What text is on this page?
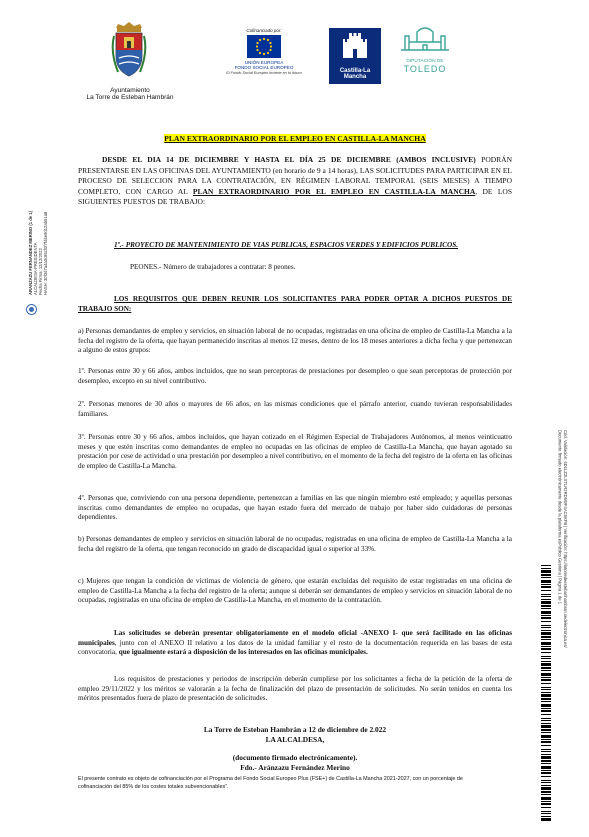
Ayuntamiento
La Torre de Esteban Hambrán
Cofinanciado por:
UNIÓN EUROPEA
FONDO SOCIAL EUROPEO
El Fondo Social Europeo invierte en tu futuro	Castilla-La Mancha
DIPUTACIÓN DE
TOLEDO
ARANZAZU FERNANDEZ MERINO (1 de 1) ALCALDESA-PRESIDENTA Fecha Firma: 12/12/2022 HASH: 30f3d7a4a3c86cf0f7fd4e9d12ab51a8
Cód. Validación: 6D1LZ2LXTLR2RD5WF4AC5KFB | Verificación: https://latorredeestebanhambran.sedelectronica.es/
Documento firmado electrónicamente desde la plataforma esPublico Gestiona | Página 1 de 1
PLAN EXTRAORDINARIO POR EL EMPLEO EN CASTILLA-LA MANCHA

DESDE EL DIA 14 DE DICIEMBRE Y HASTA EL DÍA 25 DE DICIEMBRE (AMBOS INCLUSIVE) PODRÁN PRESENTARSE EN LAS OFICINAS DEL AYUNTAMIENTO (en horario de 9 a 14 horas), LAS SOLICITUDES PARA PARTICIPAR EN EL PROCESO DE SELECCION PARA LA CONTRATACIÓN, EN RÉGIMEN LABORAL TEMPORAL (SEIS MESES) A TIEMPO COMPLETO, CON CARGO AL PLAN EXTRAORDINARIO POR EL EMPLEO EN CASTILLA-LA MANCHA, DE LOS SIGUIENTES PUESTOS DE TRABAJO:

1º.- PROYECTO DE MANTENIMIENTO DE VIAS PUBLICAS, ESPACIOS VERDES Y EDIFICIOS PUBLICOS.

PEONES.- Número de trabajadores a contratar: 8 peones.

LOS REQUISITOS QUE DEBEN REUNIR LOS SOLICITANTES PARA PODER OPTAR A DICHOS PUESTOS DE TRABAJO SON:

a) Personas demandantes de empleo y servicios, en situación laboral de no ocupadas, registradas en una oficina de empleo de Castilla-La Mancha a la fecha del registro de la oferta, que hayan permanecido inscritas al menos 12 meses, dentro de los 18 meses anteriores a dicha fecha y que pertenezcan a alguno de estos grupos:

1º. Personas entre 30 y 66 años, ambos incluidos, que no sean perceptoras de prestaciones por desempleo o que sean perceptoras de protección por desempleo, excepto en su nivel contributivo.

2º. Personas menores de 30 años o mayores de 66 años, en las mismas condiciones que el párrafo anterior, cuando tuvieran responsabilidades familiares.

3º. Personas entre 30 y 66 años, ambos incluidos, que hayan cotizado en el Régimen Especial de Trabajadores Autónomos, al menos veinticuatro meses y que estén inscritas como demandantes de empleo no ocupadas en las oficinas de empleo de Castilla-La Mancha, que hayan agotado su prestación por cese de actividad o una prestación por desempleo a nivel contributivo, en el momento de la fecha del registro de la oferta en las oficinas de empleo de Castilla-La Mancha.

4º. Personas que, conviviendo con una persona dependiente, pertenezcan a familias en las que ningún miembro esté empleado; y aquellas personas inscritas como demandantes de empleo no ocupadas, que hayan estado fuera del mercado de trabajo por haber sido cuidadoras de personas dependientes.

b) Personas demandantes de empleo y servicios en situación laboral de no ocupadas, registradas en una oficina de empleo de Castilla-La Mancha a la fecha del registro de la oferta, que tengan reconocido un grado de discapacidad igual o superior al 33%.

c) Mujeres que tengan la condición de víctimas de violencia de género, que estarán excluidas del requisito de estar registradas en una oficina de empleo de Castilla-La Mancha a la fecha del registro de la oferta; aunque si deberán ser demandantes de empleo y servicios en situación laboral de no ocupadas, registradas en una oficina de empleo de Castilla-La Mancha, en el momento de la contratación.

Las solicitudes se deberán presentar obligatoriamente en el modelo oficial -ANEXO I- que será facilitado en las oficinas municipales, junto con el ANEXO II relativo a los datos de la unidad familiar y el resto de la documentación requerida en las bases de esta convocatoria, que igualmente estará a disposición de los interesados en las oficinas municipales.

Los requisitos de prestaciones y periodos de inscripción deberán cumplirse por los solicitantes a fecha de la petición de la oferta de empleo 29/11/2022 y los méritos se valorarán a la fecha de finalización del plazo de presentación de solicitudes. No serán tenidos en cuenta los méritos presentados fuera de plazo de presentación de solicitudes.

La Torre de Esteban Hambrán a 12 de diciembre de 2.022
LA ALCALDESA,
(documento firmado electrónicamente).
Fdo.- Aránzazu Fernández Merino

El presente contrato es objeto de cofinanciación por el Programa del Fondo Social Europeo Plus (FSE+) de Castilla-La Mancha 2021-2027, con un porcentaje de cofinanciación del 85% de los costes totales subvencionables”.
